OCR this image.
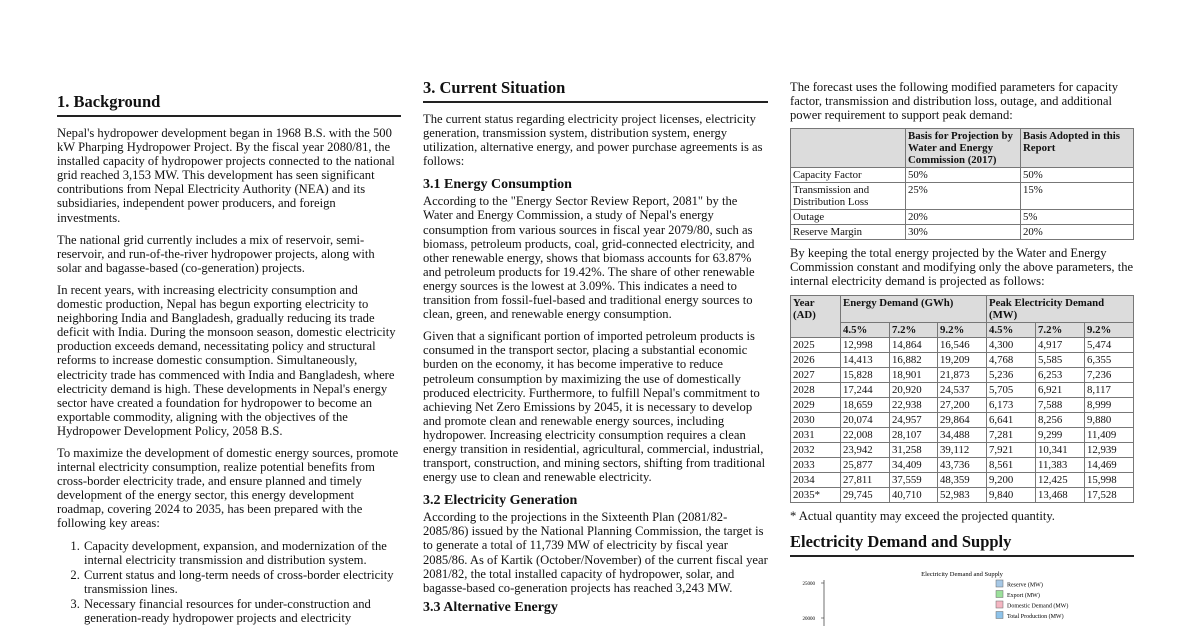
1. Background

Nepal's hydropower development began in 1968 B.S. with the 500 kW Pharping Hydropower Project. By the fiscal year 2080/81, the installed capacity of hydropower projects connected to the national grid reached 3,153 MW. This development has seen significant contributions from Nepal Electricity Authority (NEA) and its subsidiaries, independent power producers, and foreign investments.

The national grid currently includes a mix of reservoir, semi-reservoir, and run-of-the-river hydropower projects, along with solar and bagasse-based (co-generation) projects.

In recent years, with increasing electricity consumption and domestic production, Nepal has begun exporting electricity to neighboring India and Bangladesh, gradually reducing its trade deficit with India. During the monsoon season, domestic electricity production exceeds demand, necessitating policy and structural reforms to increase domestic consumption. Simultaneously, electricity trade has commenced with India and Bangladesh, where electricity demand is high. These developments in Nepal's energy sector have created a foundation for hydropower to become an exportable commodity, aligning with the objectives of the Hydropower Development Policy, 2058 B.S.

To maximize the development of domestic energy sources, promote internal electricity consumption, realize potential benefits from cross-border electricity trade, and ensure planned and timely development of the energy sector, this energy development roadmap, covering 2024 to 2035, has been prepared with the following key areas:

1. Capacity development, expansion, and modernization of the internal electricity transmission and distribution system.
2. Current status and long-term needs of cross-border electricity transmission lines.
3. Necessary financial resources for under-construction and generation-ready hydropower projects and electricity
3. Current Situation

The current status regarding electricity project licenses, electricity generation, transmission system, distribution system, energy utilization, alternative energy, and power purchase agreements is as follows:

3.1 Energy Consumption

According to the "Energy Sector Review Report, 2081" by the Water and Energy Commission, a study of Nepal's energy consumption from various sources in fiscal year 2079/80, such as biomass, petroleum products, coal, grid-connected electricity, and other renewable energy, shows that biomass accounts for 63.87% and petroleum products for 19.42%. The share of other renewable energy sources is the lowest at 3.09%. This indicates a need to transition from fossil-fuel-based and traditional energy sources to clean, green, and renewable energy consumption.

Given that a significant portion of imported petroleum products is consumed in the transport sector, placing a substantial economic burden on the economy, it has become imperative to reduce petroleum consumption by maximizing the use of domestically produced electricity. Furthermore, to fulfill Nepal's commitment to achieving Net Zero Emissions by 2045, it is necessary to develop and promote clean and renewable energy sources, including hydropower. Increasing electricity consumption requires a clean energy transition in residential, agricultural, commercial, industrial, transport, construction, and mining sectors, shifting from traditional energy use to clean and renewable electricity.

3.2 Electricity Generation

According to the projections in the Sixteenth Plan (2081/82-2085/86) issued by the National Planning Commission, the target is to generate a total of 11,739 MW of electricity by fiscal year 2085/86. As of Kartik (October/November) of the current fiscal year 2081/82, the total installed capacity of hydropower, solar, and bagasse-based co-generation projects has reached 3,243 MW.

3.3 Alternative Energy

The forecast uses the following modified parameters for capacity factor, transmission and distribution loss, outage, and additional power requirement to support peak demand:

	Basis for Projection by Water and Energy Commission (2017)	Basis Adopted in this Report
Capacity Factor	50%	50%
Transmission and Distribution Loss	25%	15%
Outage	20%	5%
Reserve Margin	30%	20%

By keeping the total energy projected by the Water and Energy Commission constant and modifying only the above parameters, the internal electricity demand is projected as follows:

Year (AD)	Energy Demand (GWh)			Peak Electricity Demand (MW)		
	4.5%	7.2%	9.2%	4.5%	7.2%	9.2%
2025	12,998	14,864	16,546	4,300	4,917	5,474
2026	14,413	16,882	19,209	4,768	5,585	6,355
2027	15,828	18,901	21,873	5,236	6,253	7,236
2028	17,244	20,920	24,537	5,705	6,921	8,117
2029	18,659	22,938	27,200	6,173	7,588	8,999
2030	20,074	24,957	29,864	6,641	8,256	9,880
2031	22,008	28,107	34,488	7,281	9,299	11,409
2032	23,942	31,258	39,112	7,921	10,341	12,939
2033	25,877	34,409	43,736	8,561	11,383	14,469
2034	27,811	37,559	48,359	9,200	12,425	15,998
2035*	29,745	40,710	52,983	9,840	13,468	17,528

* Actual quantity may exceed the projected quantity.

Electricity Demand and Supply
Electricity Demand and Supply
25000
20000
Reserve (MW)
Export (MW)
Domestic Demand (MW)
Total Production (MW)
